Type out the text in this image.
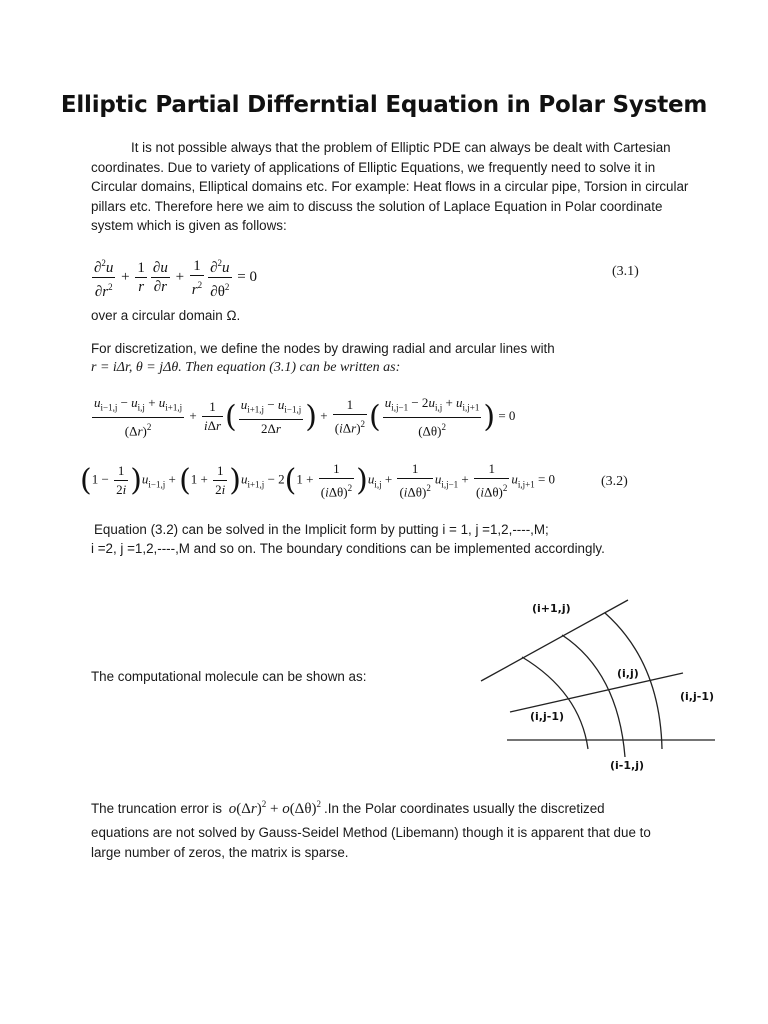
Elliptic Partial Differntial Equation in Polar System
It is not possible always that the problem of Elliptic PDE can always be dealt with Cartesian coordinates. Due to variety of applications of Elliptic Equations, we frequently need to solve it in Circular domains, Elliptical domains etc. For example: Heat flows in a circular pipe, Torsion in circular pillars etc. Therefore here we aim to discuss the solution of Laplace Equation in Polar coordinate system which is given as follows:
$\frac{\partial^2u}{\partial r^2} + \frac{1}{r} \frac{\partial u}{\partial r} + \frac{1}{r^2} \frac{\partial^2u}{\partial\theta^2} = 0$	(3.1)
over a circular domain Ω.
For discretization, we define the nodes by drawing radial and arcular lines with
r = iΔr, θ = jΔθ. Then equation (3.1) can be written as:
$\frac{u_{i-1,j} - u_{i,j} + u_{i+1,j}}{(\Delta r)^2} + \frac{1}{\text{iΔr}}$ ( $\frac{u_{i+1,j} - u_{i-1,j}}{2\Delta r}$ ) + $\frac{1}{(i\Delta r)^2}$ ( $\frac{u_{i,j-1} - 2u_{i,j} + u_{i,j+1}}{(\Delta\theta)^2}$ ) = 0
$(1 - \frac{1}{2i} )u_{i-1,j} + (1 + \frac{1}{2i} )u_{i+1,j} - 2(1 + \frac{1}{(i\Delta\theta)^2} )u_{i,j} + \frac{1}{(i\Delta\theta)^2} u_{i,j-1} + \frac{1}{(i\Delta\theta)^2} u_{i,j+1} = 0$	(3.2)
Equation (3.2) can be solved in the Implicit form by putting i = 1, j =1,2,----,M;
i =2, j =1,2,----,M and so on. The boundary conditions can be implemented accordingly.
The computational molecule can be shown as:
(i+1,j)
(i,j)
(i,j-1)
(i,j-1)
(i-1,j)
The truncation error is $o(\Delta r)^2 + o(\Delta\theta)^2$ .In the Polar coordinates usually the discretized
equations are not solved by Gauss-Seidel Method (Libemann) though it is apparent that due to large number of zeros, the matrix is sparse.
